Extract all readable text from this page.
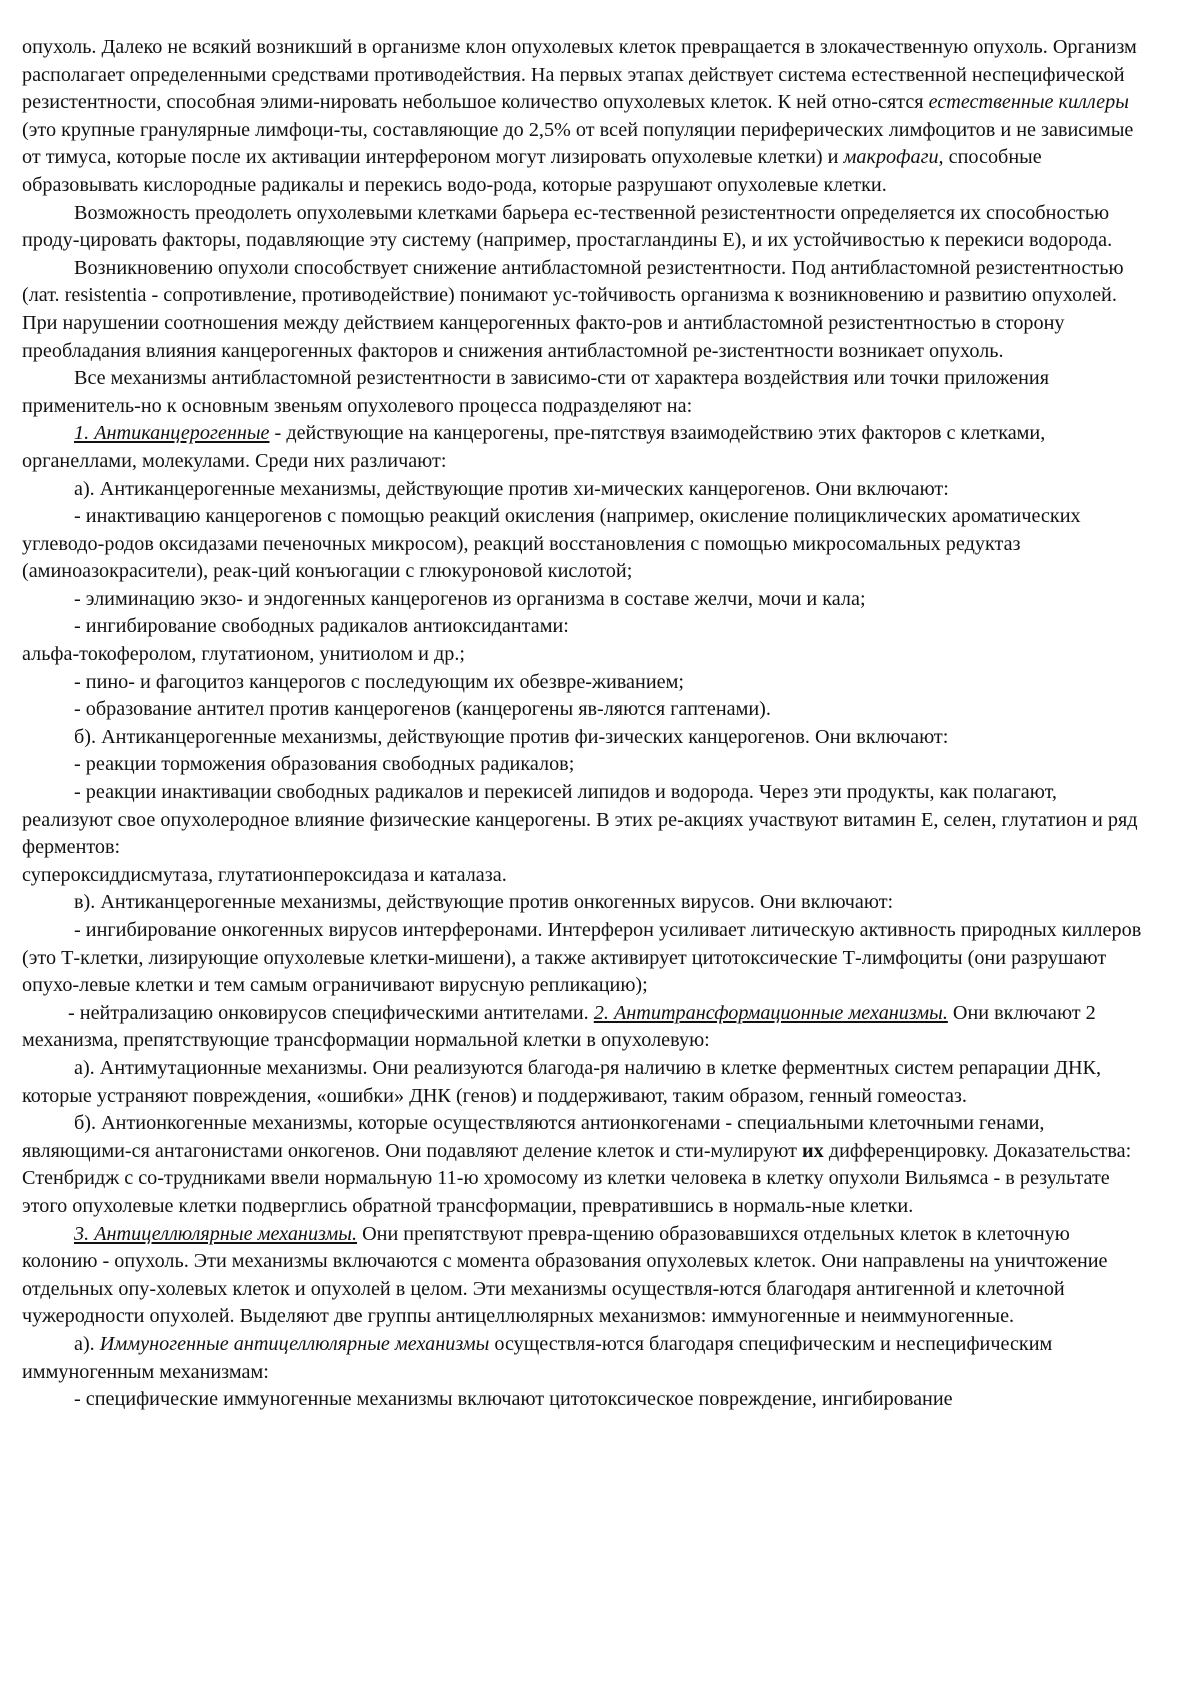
опухоль. Далеко не всякий возникший в организме клон опухолевых клеток превращается в злокачественную опухоль. Организм располагает определенными средствами противодействия. На первых этапах действует система естественной неспецифической резистентности, способная элими-нировать небольшое количество опухолевых клеток. К ней отно-сятся естественные киллеры (это крупные гранулярные лимфоци-ты, составляющие до 2,5% от всей популяции периферических лимфоцитов и не зависимые от тимуса, которые после их активации интерфероном могут лизировать опухолевые клетки) и макрофаги, способные образовывать кислородные радикалы и перекись водо-рода, которые разрушают опухолевые клетки.

Возможность преодолеть опухолевыми клетками барьера ес-тественной резистентности определяется их способностью проду-цировать факторы, подавляющие эту систему (например, простагландины Е), и их устойчивостью к перекиси водорода.

Возникновению опухоли способствует снижение антибластомной резистентности. Под антибластомной резистентностью (лат. resistentia - сопротивление, противодействие) понимают ус-тойчивость организма к возникновению и развитию опухолей. При нарушении соотношения между действием канцерогенных факто-ров и антибластомной резистентностью в сторону преобладания влияния канцерогенных факторов и снижения антибластомной ре-зистентности возникает опухоль.

Все механизмы антибластомной резистентности в зависимо-сти от характера воздействия или точки приложения применитель-но к основным звеньям опухолевого процесса подразделяют на:

1. Антиканцерогенные - действующие на канцерогены, пре-пятствуя взаимодействию этих факторов с клетками, органеллами, молекулами. Среди них различают:

а). Антиканцерогенные механизмы, действующие против хи-мических канцерогенов. Они включают:

- инактивацию канцерогенов с помощью реакций окисления (например, окисление полициклических ароматических углеводо-родов оксидазами печеночных микросом), реакций восстановления с помощью микросомальных редуктаз (аминоазокрасители), реак-ций конъюгации с глюкуроновой кислотой;

- элиминацию экзо- и эндогенных канцерогенов из организма в составе желчи, мочи и кала;

- ингибирование свободных радикалов антиоксидантами:

альфа-токоферолом, глутатионом, унитиолом и др.;

- пино- и фагоцитоз канцерогов с последующим их обезвре-живанием;

- образование антител против канцерогенов (канцерогены яв-ляются гаптенами).

б). Антиканцерогенные механизмы, действующие против фи-зических канцерогенов. Они включают:

- реакции торможения образования свободных радикалов;

- реакции инактивации свободных радикалов и перекисей липидов и водорода. Через эти продукты, как полагают, реализуют свое опухолеродное влияние физические канцерогены. В этих ре-акциях участвуют витамин Е, селен, глутатион и ряд ферментов:

супероксиддисмутаза, глутатионпероксидаза и каталаза.

в). Антиканцерогенные механизмы, действующие против онкогенных вирусов. Они включают:

- ингибирование онкогенных вирусов интерферонами. Интерферон усиливает литическую активность природных киллеров (это Т-клетки, лизирующие опухолевые клетки-мишени), а также активирует цитотоксические Т-лимфоциты (они разрушают опухо-левые клетки и тем самым ограничивают вирусную репликацию);

- нейтрализацию онковирусов специфическими антителами. 2. Антитрансформационные механизмы. Они включают 2

механизма, препятствующие трансформации нормальной клетки в опухолевую:

а). Антимутационные механизмы. Они реализуются благода-ря наличию в клетке ферментных систем репарации ДНК, которые устраняют повреждения, «ошибки» ДНК (генов) и поддерживают, таким образом, генный гомеостаз.

б). Антионкогенные механизмы, которые осуществляются антионкогенами - специальными клеточными генами, являющими-ся антагонистами онкогенов. Они подавляют деление клеток и сти-мулируют их дифференцировку. Доказательства: Стенбридж с со-трудниками ввели нормальную 11-ю хромосому из клетки человека в клетку опухоли Вильямса - в результате этого опухолевые клетки подверглись обратной трансформации, превратившись в нормаль-ные клетки.

3. Антицеллюлярные механизмы. Они препятствуют превра-щению образовавшихся отдельных клеток в клеточную колонию - опухоль. Эти механизмы включаются с момента образования опухолевых клеток. Они направлены на уничтожение отдельных опу-холевых клеток и опухолей в целом. Эти механизмы осуществля-ются благодаря антигенной и клеточной чужеродности опухолей. Выделяют две группы антицеллюлярных механизмов: иммуногенные и неиммуногенные.

а). Иммуногенные антицеллюлярные механизмы осуществля-ются благодаря специфическим и неспецифическим иммуногенным механизмам:

- специфические иммуногенные механизмы включают цитотоксическое повреждение, ингибирование
